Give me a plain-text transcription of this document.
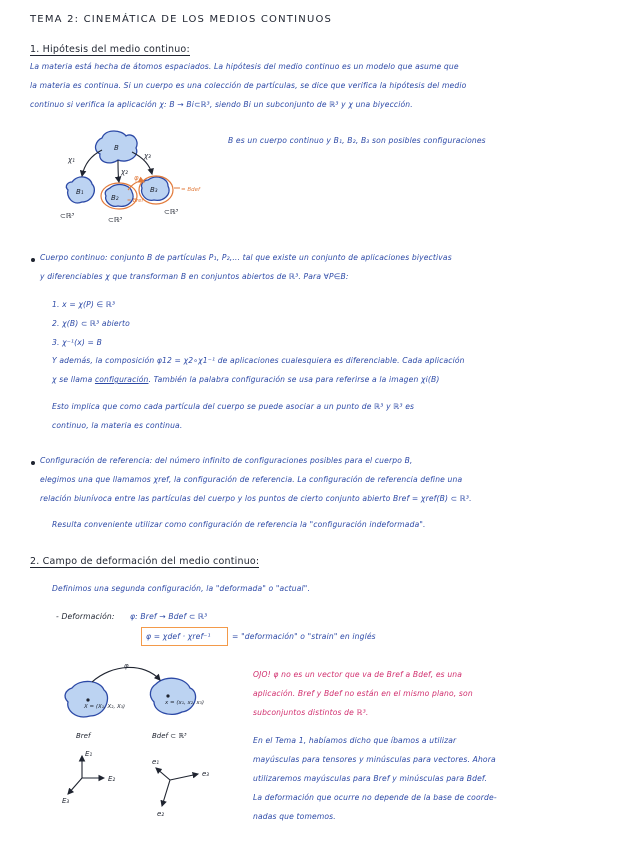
TEMA 2: CINEMÁTICA DE LOS MEDIOS CONTINUOS

1. Hipótesis del medio continuo:

La materia está hecha de átomos espaciados. La hipótesis del medio continuo es un modelo que asume que

la materia es continua. Si un cuerpo es una colección de partículas, se dice que verifica la hipótesis del medio

continuo si verifica la aplicación χ: B → Bi⊂ℝ³, siendo Bi un subconjunto de ℝ³ y χ una biyección.

B
B₁
B₂
B₃
χ₁
χ₂
χ₃
φ
= Bdef
= Bref
⊂ℝ³	⊂ℝ³
⊂ℝ³

B es un cuerpo continuo y B₁, B₂, B₃ son posibles configuraciones

Cuerpo continuo: conjunto B de partículas P₁, P₂,... tal que existe un conjunto de aplicaciones biyectivas

y diferenciables χ que transforman B en conjuntos abiertos de ℝ³. Para ∀P∈B:

1. x = χ(P) ∈ ℝ³

2. χ(B) ⊂ ℝ³ abierto

3. χ⁻¹(x) = B

Y además, la composición φ12 = χ2∘χ1⁻¹ de aplicaciones cualesquiera es diferenciable. Cada aplicación

χ se llama configuración. También la palabra configuración se usa para referirse a la imagen χi(B)

Esto implica que como cada partícula del cuerpo se puede asociar a un punto de ℝ³ y ℝ³ es

continuo, la materia es continua.

Configuración de referencia: del número infinito de configuraciones posibles para el cuerpo B,

elegimos una que llamamos χref, la configuración de referencia. La configuración de referencia define una

relación biunívoca entre las partículas del cuerpo y los puntos de cierto conjunto abierto Bref = χref(B) ⊂ ℝ³.

Resulta conveniente utilizar como configuración de referencia la "configuración indeformada".

2. Campo de deformación del medio continuo:

Definimos una segunda configuración, la "deformada" o "actual".

- Deformación: φ: Bref → Bdef ⊂ ℝ³

φ = χdef · χref⁻¹	= "deformación" o "strain" en inglés

φ
X = (X₁, X₂, X₃)
x = (x₁, x₂, x₃)
Bref	Bdef ⊂ ℝ³
E₁
E₂
E₃
e₁
e₃
e₂

OJO! φ no es un vector que va de Bref a Bdef, es una

aplicación. Bref y Bdef no están en el mismo plano, son

subconjuntos distintos de ℝ³.

En el Tema 1, habíamos dicho que íbamos a utilizar

mayúsculas para tensores y minúsculas para vectores. Ahora

utilizaremos mayúsculas para Bref y minúsculas para Bdef.

La deformación que ocurre no depende de la base de coorde-

nadas que tomemos.
